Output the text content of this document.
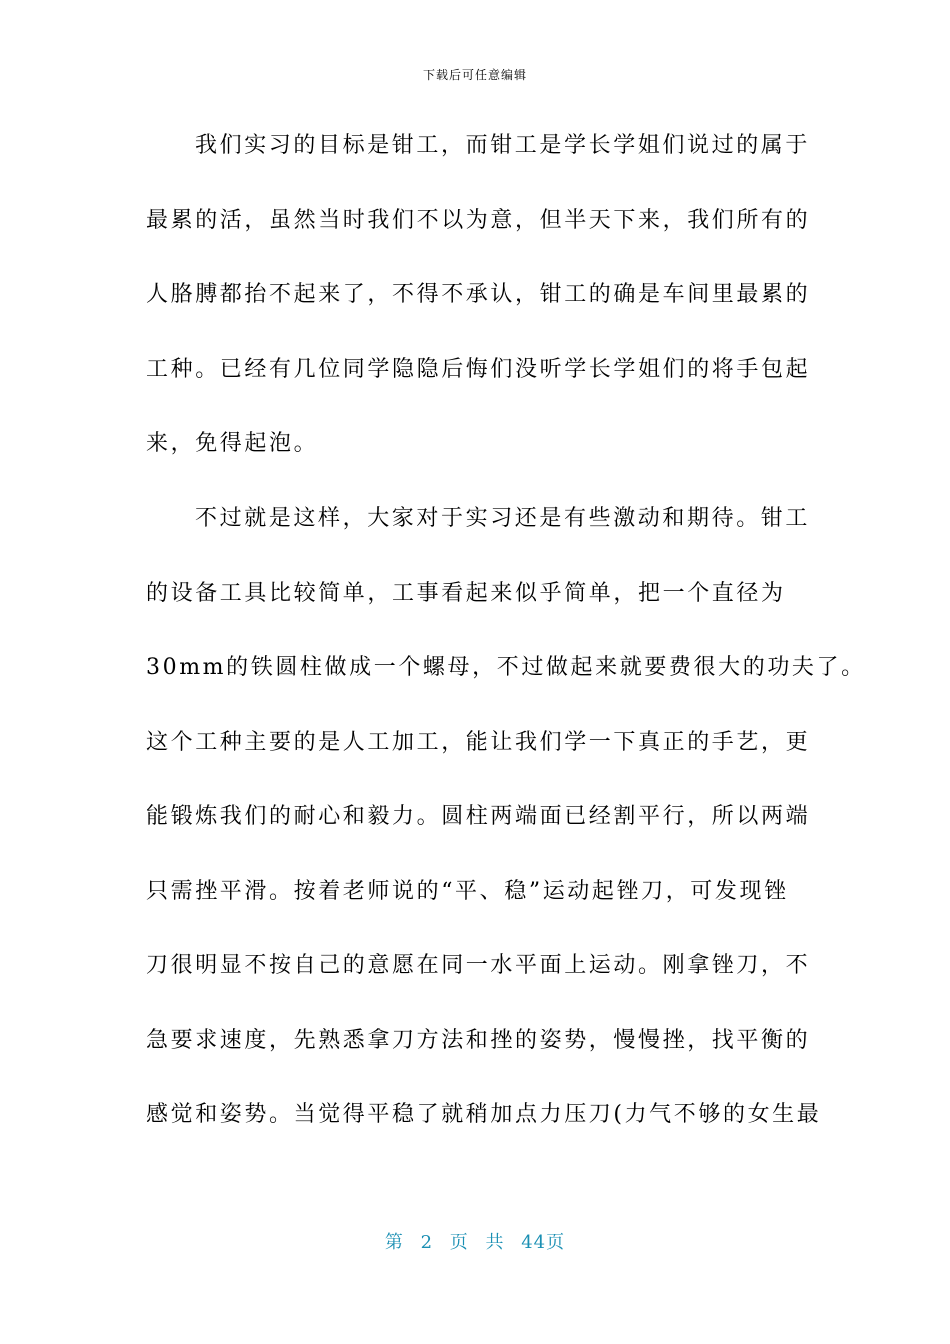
下载后可任意编辑
我们实习的目标是钳工，而钳工是学长学姐们说过的属于
最累的活，虽然当时我们不以为意，但半天下来，我们所有的
人胳膊都抬不起来了，不得不承认，钳工的确是车间里最累的
工种。已经有几位同学隐隐后悔们没听学长学姐们的将手包起
来，免得起泡。
不过就是这样，大家对于实习还是有些激动和期待。钳工
的设备工具比较简单，工事看起来似乎简单，把一个直径为
30mm的铁圆柱做成一个螺母，不过做起来就要费很大的功夫了。
这个工种主要的是人工加工，能让我们学一下真正的手艺，更
能锻炼我们的耐心和毅力。圆柱两端面已经割平行，所以两端
只需挫平滑。按着老师说的“平、稳”运动起锉刀，可发现锉
刀很明显不按自己的意愿在同一水平面上运动。刚拿锉刀，不
急要求速度，先熟悉拿刀方法和挫的姿势，慢慢挫，找平衡的
感觉和姿势。当觉得平稳了就稍加点力压刀(力气不够的女生最
第 2 页 共 44页
